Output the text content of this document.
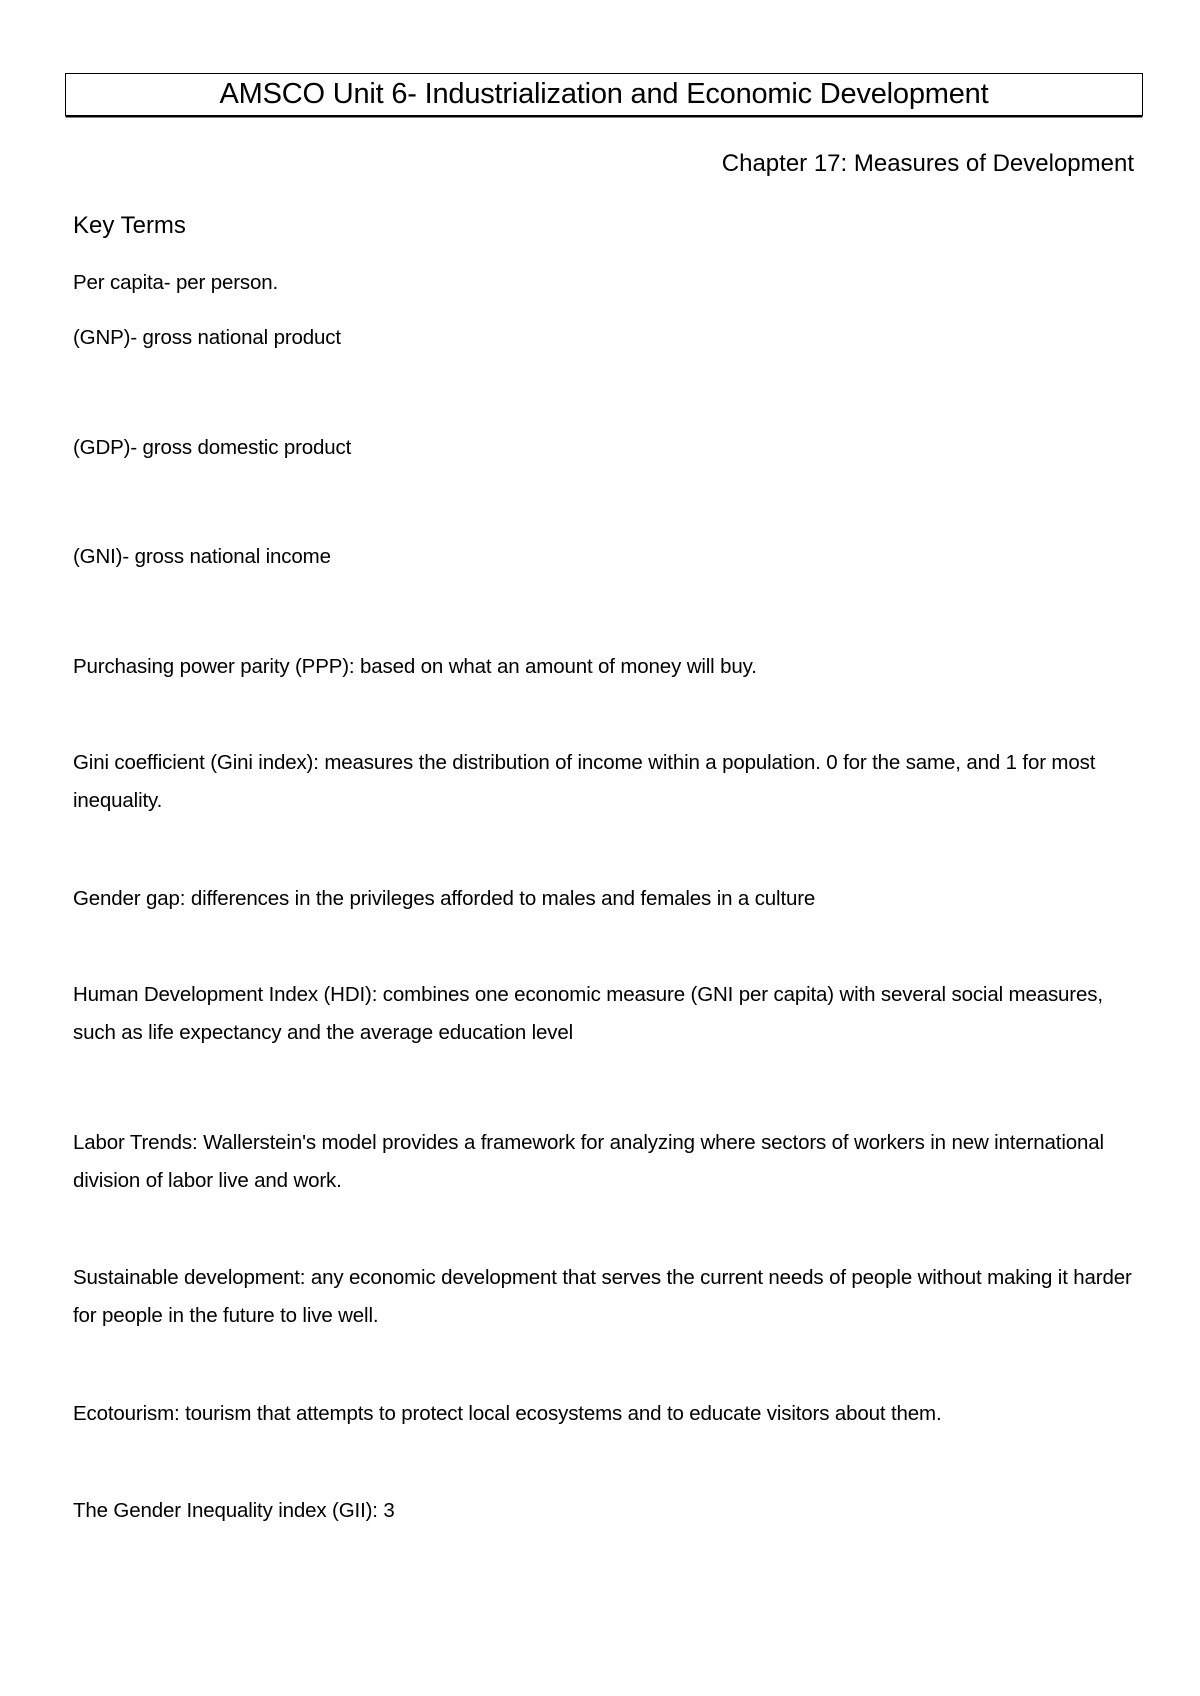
AMSCO Unit 6- Industrialization and Economic Development
Chapter 17: Measures of Development
Key Terms
Per capita- per person.
(GNP)- gross national product
(GDP)- gross domestic product
(GNI)- gross national income
Purchasing power parity (PPP): based on what an amount of money will buy.
Gini coefficient (Gini index): measures the distribution of income within a population. 0 for the same, and 1 for most inequality.
Gender gap: differences in the privileges afforded to males and females in a culture
Human Development Index (HDI): combines one economic measure (GNI per capita) with several social measures, such as life expectancy and the average education level
Labor Trends: Wallerstein's model provides a framework for analyzing where sectors of workers in new international division of labor live and work.
Sustainable development: any economic development that serves the current needs of people without making it harder for people in the future to live well.
Ecotourism: tourism that attempts to protect local ecosystems and to educate visitors about them.
The Gender Inequality index (GII): 3
